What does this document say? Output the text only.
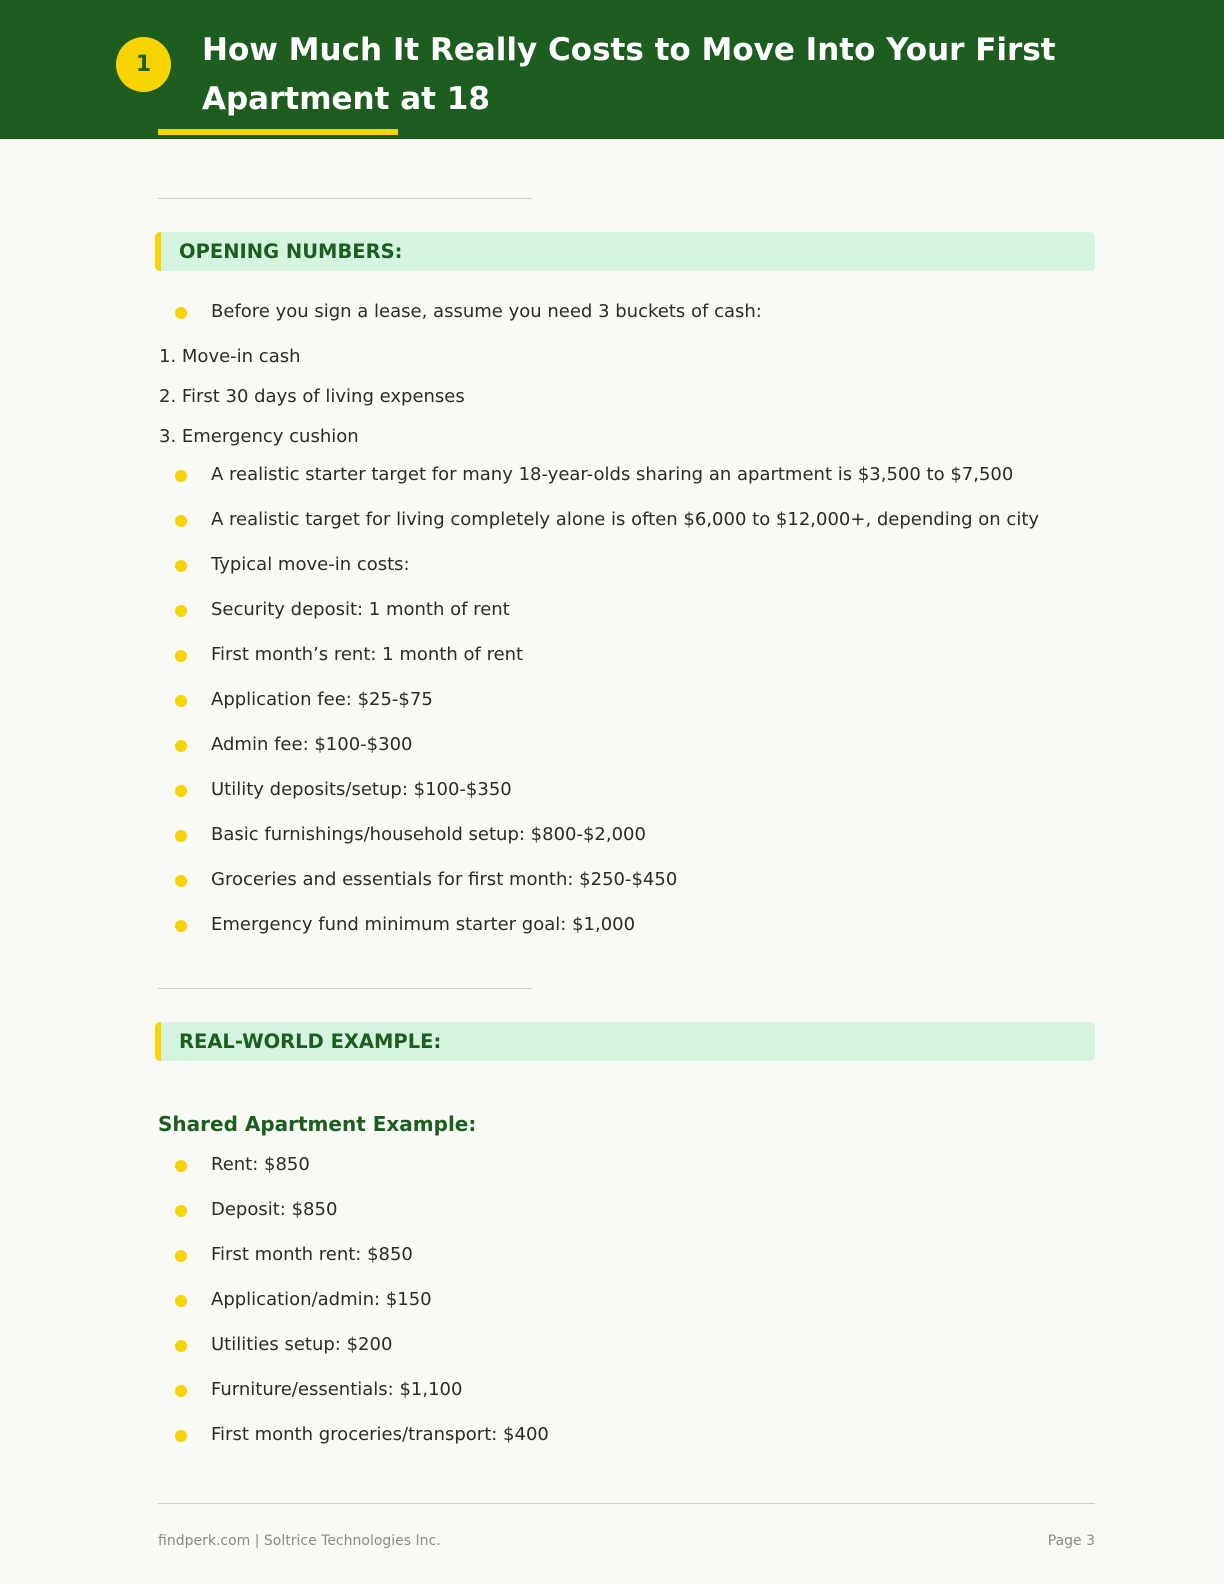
1	How Much It Really Costs to Move Into Your First Apartment at 18
OPENING NUMBERS:
Before you sign a lease, assume you need 3 buckets of cash:
1. Move-in cash
2. First 30 days of living expenses
3. Emergency cushion
A realistic starter target for many 18-year-olds sharing an apartment is $3,500 to $7,500
A realistic target for living completely alone is often $6,000 to $12,000+, depending on city
Typical move-in costs:
Security deposit: 1 month of rent
First month’s rent: 1 month of rent
Application fee: $25-$75
Admin fee: $100-$300
Utility deposits/setup: $100-$350
Basic furnishings/household setup: $800-$2,000
Groceries and essentials for first month: $250-$450
Emergency fund minimum starter goal: $1,000
REAL-WORLD EXAMPLE:
Shared Apartment Example:
Rent: $850
Deposit: $850
First month rent: $850
Application/admin: $150
Utilities setup: $200
Furniture/essentials: $1,100
First month groceries/transport: $400
findperk.com | Soltrice Technologies Inc.	Page 3
